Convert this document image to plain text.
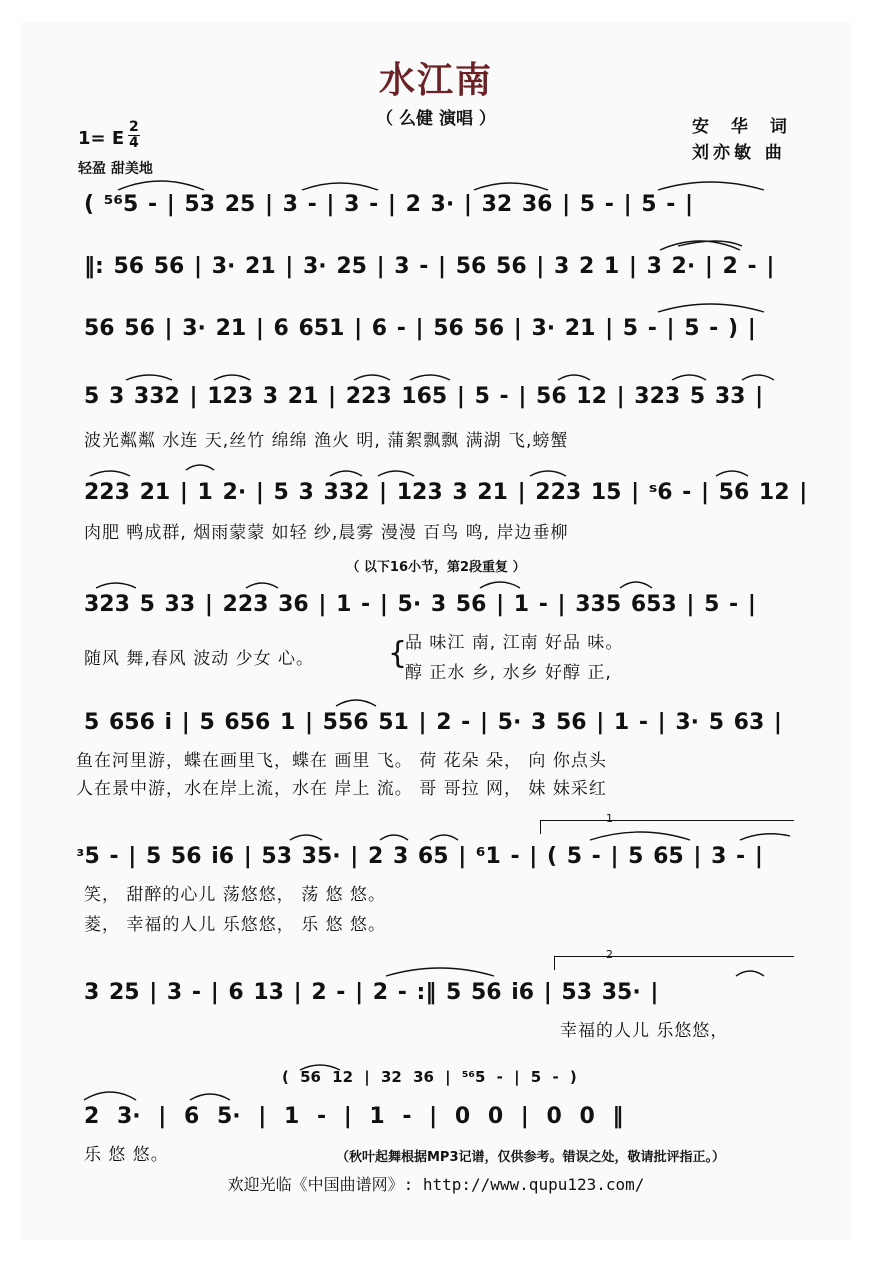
水江南
（ 么健 演唱 ）	安 华 词
刘亦敏 曲
1= E $\frac{2}{4}$
轻盈 甜美地
( ⁵⁶5 - | 53 25 | 3 - | 3 - | 2 3· | 32 36 | 5 - | 5 - |
‖: 56 56 | 3· 21 | 3· 25 | 3 - | 56 56 | 3 2 1 | 3 2· | 2 - |
56 56 | 3· 21 | 6 651 | 6 - | 56 56 | 3· 21 | 5 - | 5 - ) |
5 3 332 | 123 3 21 | 223 165 | 5 - | 56 12 | 323 5 33 |
波光粼粼 水连 天,丝竹 绵绵 渔火 明, 蒲絮飘飘 满湖 飞,螃蟹
223 21 | 1 2· | 5 3 332 | 123 3 21 | 223 15 | ˢ6 - | 56 12 |
肉肥 鸭成群, 烟雨蒙蒙 如轻 纱,晨雾 漫漫 百鸟 鸣, 岸边垂柳
（ 以下16小节，第2段重复 ）
323 5 33 | 223 36 | 1 - | 5· 3 56 | 1 - | 335 653 | 5 - |
随风 舞,春风 波动 少女 心。 {
品 味江 南, 江南 好品 味。
醇 正水 乡, 水乡 好醇 正,
5 656 i | 5 656 1 | 556 51 | 2 - | 5· 3 56 | 1 - | 3· 5 63 |
鱼在河里游，蝶在画里飞，蝶在 画里 飞。 荷 花朵 朵， 向 你点头
人在景中游，水在岸上流，水在 岸上 流。 哥 哥拉 网， 妹 妹采红
1
ᶟ5 - | 5 56 i6 | 53 35· | 2 3 65 | ⁶1 - | ( 5 - | 5 65 | 3 - |
笑， 甜醉的心儿 荡悠悠， 荡 悠 悠。
菱， 幸福的人儿 乐悠悠， 乐 悠 悠。
2
3 25 | 3 - | 6 13 | 2 - | 2 - :‖ 5 56 i6 | 53 35· |
幸福的人儿 乐悠悠，
( 56 12 | 32 36 | ⁵⁶5 - | 5 - )
2 3· | 6 5· | 1 - | 1 - | 0 0 | 0 0 ‖
乐 悠 悠。	（秋叶起舞根据MP3记谱，仅供参考。错误之处，敬请批评指正。）
欢迎光临《中国曲谱网》: http://www.qupu123.com/
